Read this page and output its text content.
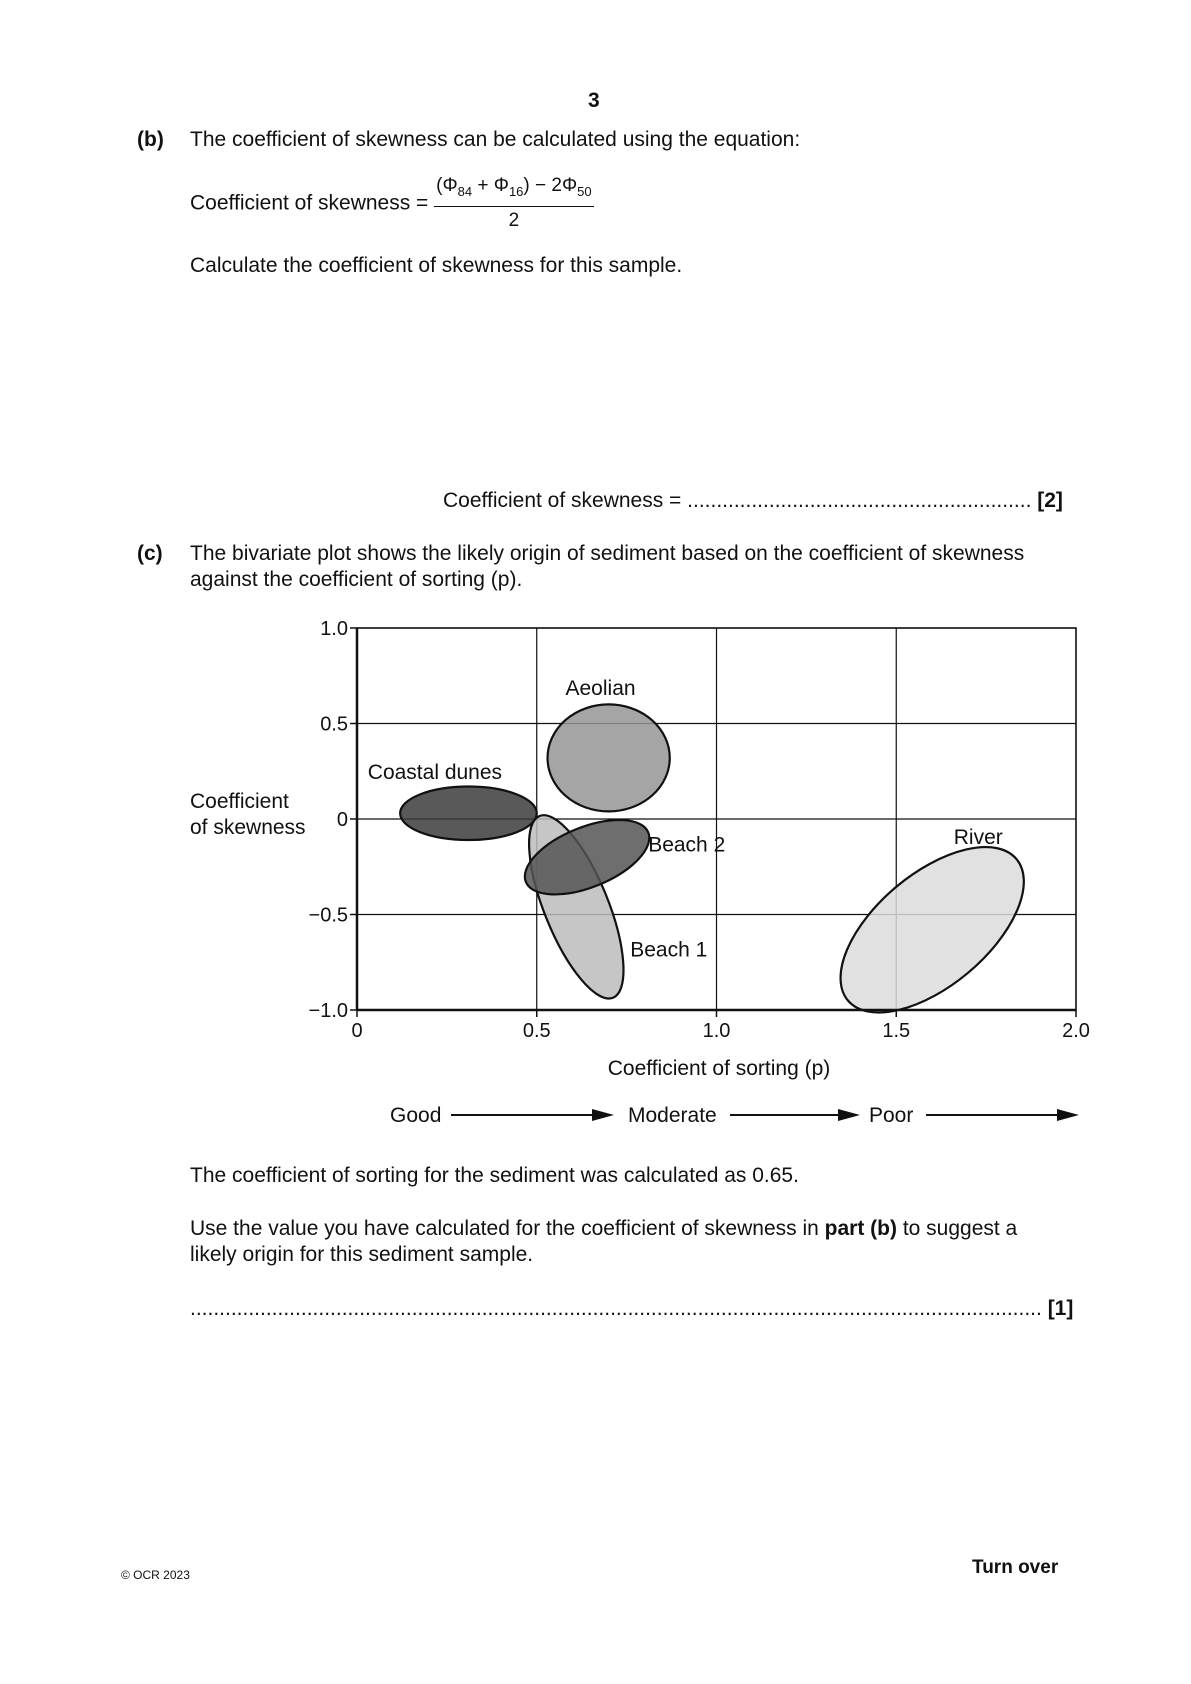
3
(b) The coefficient of skewness can be calculated using the equation:
Coefficient of skewness = $\frac{(\Phi_{84} + \Phi_{16}) - 2\Phi_{50}}{2}$
Calculate the coefficient of skewness for this sample.
Coefficient of skewness = ........................................................... [2]
(c) The bivariate plot shows the likely origin of sediment based on the coefficient of skewness
against the coefficient of sorting (p).
Coastal dunes
Aeolian
Beach 1
Beach 2	River
0	0.5	1.0	1.5	2.0
1.0
0.5
0
−0.5
−1.0
Coefficient
of skewness
Coefficient of sorting (p)
Good	Moderate	Poor
The coefficient of sorting for the sediment was calculated as 0.65.
Use the value you have calculated for the coefficient of skewness in part (b) to suggest a
likely origin for this sediment sample.
.................................................................................................................................................. [1]
© OCR 2023	Turn over
